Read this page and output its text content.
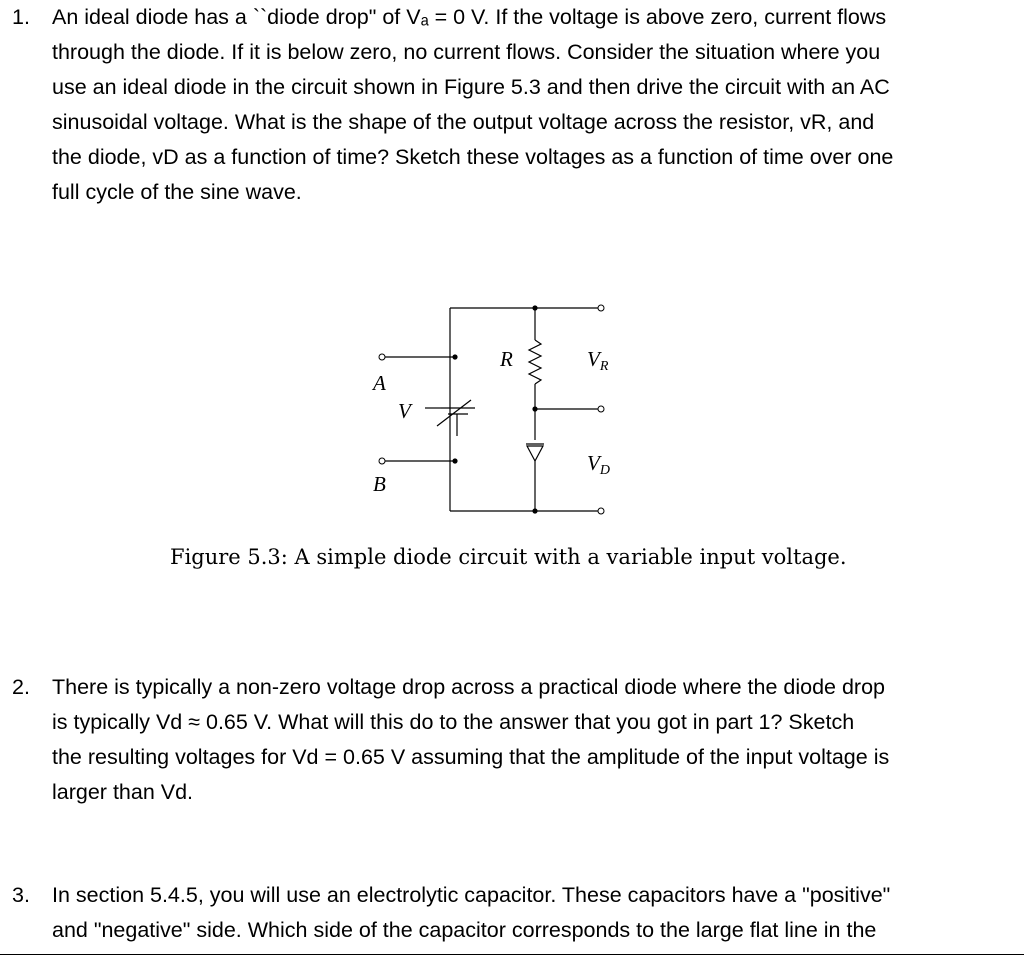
1. An ideal diode has a ``diode drop" of Vₐ = 0 V. If the voltage is above zero, current flows
through the diode. If it is below zero, no current flows. Consider the situation where you
use an ideal diode in the circuit shown in Figure 5.3 and then drive the circuit with an AC
sinusoidal voltage. What is the shape of the output voltage across the resistor, vR, and
the diode, vD as a function of time? Sketch these voltages as a function of time over one
full cycle of the sine wave.
A
B
V
R	VR
VD
Figure 5.3: A simple diode circuit with a variable input voltage.
2. There is typically a non-zero voltage drop across a practical diode where the diode drop
is typically Vd ≈ 0.65 V. What will this do to the answer that you got in part 1? Sketch
the resulting voltages for Vd = 0.65 V assuming that the amplitude of the input voltage is
larger than Vd.
3. In section 5.4.5, you will use an electrolytic capacitor. These capacitors have a "positive"
and "negative" side. Which side of the capacitor corresponds to the large flat line in the
